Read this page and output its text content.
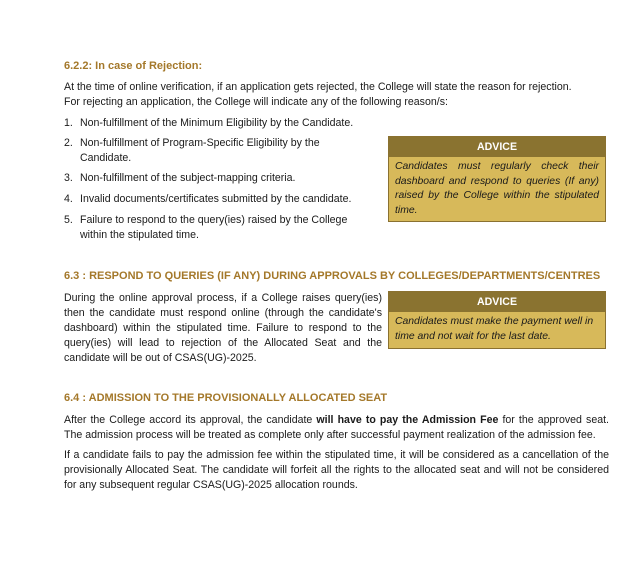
6.2.2: In case of Rejection:

At the time of online verification, if an application gets rejected, the College will state the reason for rejection.

For rejecting an application, the College will indicate any of the following reason/s:

1. Non-fulfillment of the Minimum Eligibility by the Candidate.
2. Non-fulfillment of Program-Specific Eligibility by the Candidate.
3. Non-fulfillment of the subject-mapping criteria.
4. Invalid documents/certificates submitted by the candidate.
5. Failure to respond to the query(ies) raised by the College within the stipulated time.
ADVICE
Candidates must regularly check their dashboard and respond to queries (If any) raised by the College within the stipulated time.
6.3 : RESPOND TO QUERIES (IF ANY) DURING APPROVALS BY COLLEGES/DEPARTMENTS/CENTRES

During the online approval process, if a College raises query(ies) then the candidate must respond online (through the candidate's dashboard) within the stipulated time. Failure to respond to the query(ies) will lead to rejection of the Allocated Seat and the candidate will be out of CSAS(UG)-2025.

ADVICE
Candidates must make the payment well in time and not wait for the last date.
6.4 : ADMISSION TO THE PROVISIONALLY ALLOCATED SEAT

After the College accord its approval, the candidate will have to pay the Admission Fee for the approved seat. The admission process will be treated as complete only after successful payment realization of the admission fee.

If a candidate fails to pay the admission fee within the stipulated time, it will be considered as a cancellation of the provisionally Allocated Seat. The candidate will forfeit all the rights to the allocated seat and will not be considered for any subsequent regular CSAS(UG)-2025 allocation rounds.
